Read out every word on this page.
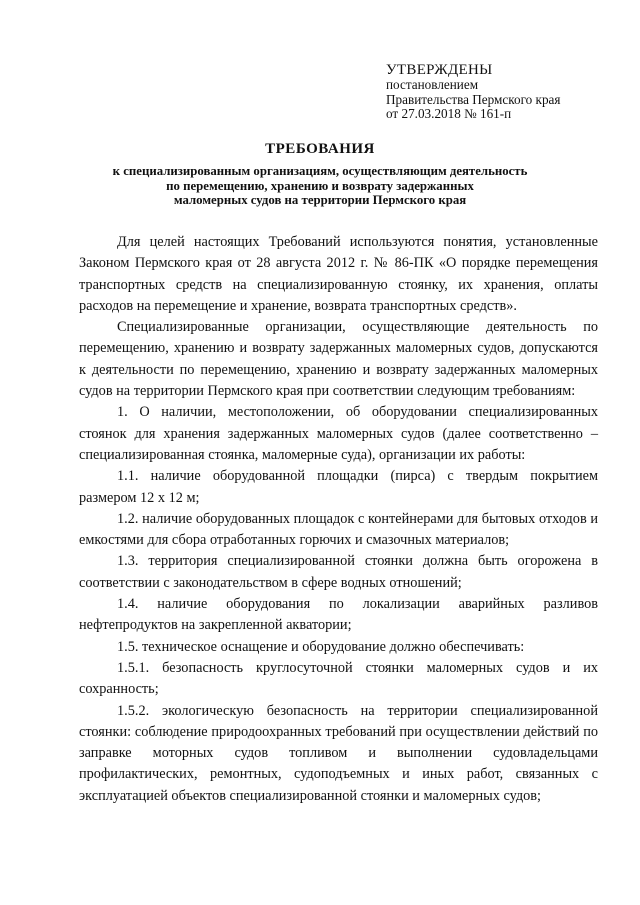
УТВЕРЖДЕНЫ
постановлением
Правительства Пермского края
от 27.03.2018 № 161-п
ТРЕБОВАНИЯ
к специализированным организациям, осуществляющим деятельность
по перемещению, хранению и возврату задержанных
маломерных судов на территории Пермского края

Для целей настоящих Требований используются понятия, установленные Законом Пермского края от 28 августа 2012 г. № 86-ПК «О порядке перемещения транспортных средств на специализированную стоянку, их хранения, оплаты расходов на перемещение и хранение, возврата транспортных средств».

Специализированные организации, осуществляющие деятельность по перемещению, хранению и возврату задержанных маломерных судов, допускаются к деятельности по перемещению, хранению и возврату задержанных маломерных судов на территории Пермского края при соответствии следующим требованиям:

1. О наличии, местоположении, об оборудовании специализированных стоянок для хранения задержанных маломерных судов (далее соответственно – специализированная стоянка, маломерные суда), организации их работы:

1.1. наличие оборудованной площадки (пирса) с твердым покрытием размером 12 х 12 м;

1.2. наличие оборудованных площадок с контейнерами для бытовых отходов и емкостями для сбора отработанных горючих и смазочных материалов;

1.3. территория специализированной стоянки должна быть огорожена в соответствии с законодательством в сфере водных отношений;

1.4. наличие оборудования по локализации аварийных разливов нефтепродуктов на закрепленной акватории;

1.5. техническое оснащение и оборудование должно обеспечивать:

1.5.1. безопасность круглосуточной стоянки маломерных судов и их сохранность;

1.5.2. экологическую безопасность на территории специализированной стоянки: соблюдение природоохранных требований при осуществлении действий по заправке моторных судов топливом и выполнении судовладельцами профилактических, ремонтных, судоподъемных и иных работ, связанных с эксплуатацией объектов специализированной стоянки и маломерных судов;
